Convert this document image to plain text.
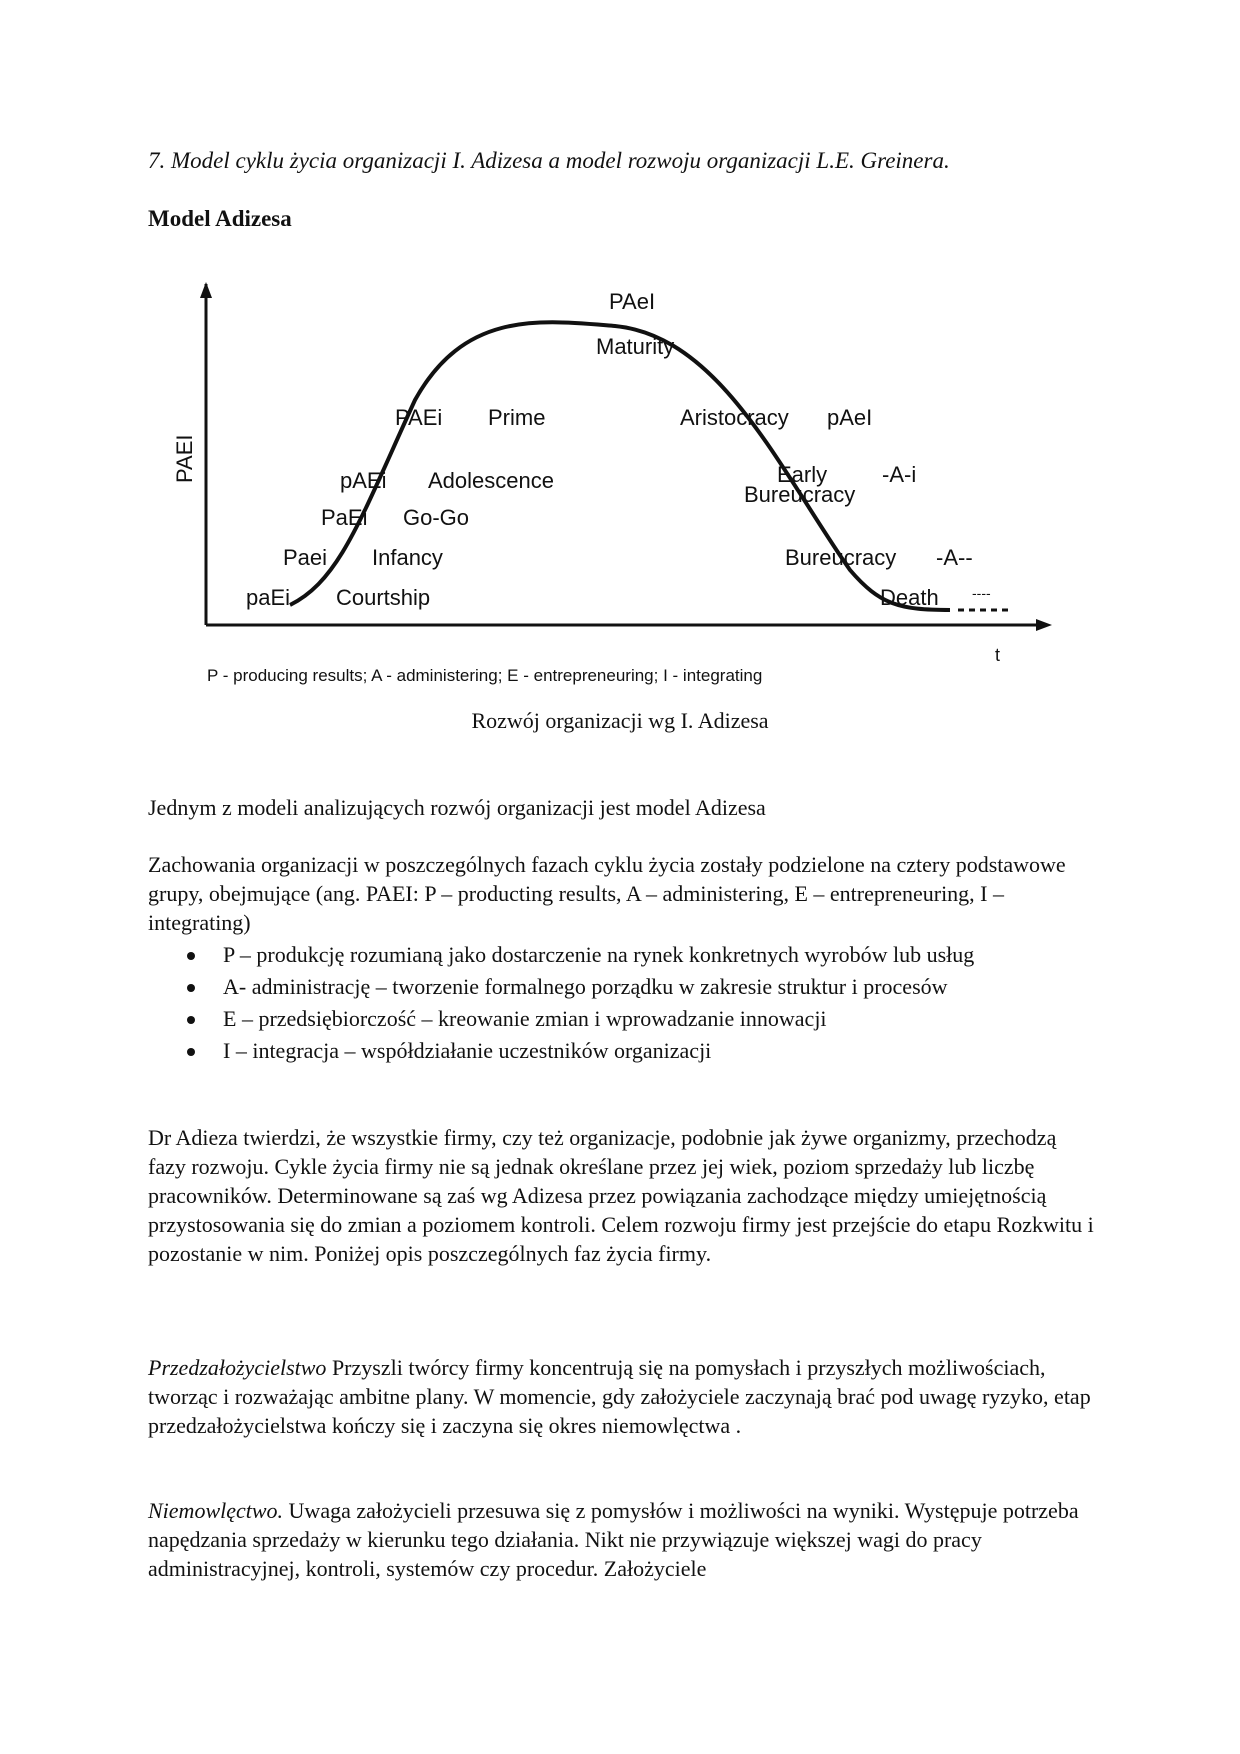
7. Model cyklu życia organizacji I. Adizesa a model rozwoju organizacji L.E. Greinera.
Model Adizesa
PAEI
t
paEi Courtship
Paei Infancy
PaEi Go-Go
pAEi Adolescence
PAEi Prime
PAeI
Maturity
Aristocracy pAeI
Early
Bureucracy
-A-i
Bureucracy -A--
Death ----
P - producing results; A - administering; E - entrepreneuring; I - integrating

Rozwój organizacji wg I. Adizesa

Jednym z modeli analizujących rozwój organizacji jest model Adizesa

Zachowania organizacji w poszczególnych fazach cyklu życia zostały podzielone na cztery podstawowe grupy, obejmujące (ang. PAEI: P – producting results, A – administering, E – entrepreneuring, I – integrating)

P – produkcję rozumianą jako dostarczenie na rynek konkretnych wyrobów lub usług
A- administrację – tworzenie formalnego porządku w zakresie struktur i procesów
E – przedsiębiorczość – kreowanie zmian i wprowadzanie innowacji
I – integracja – współdziałanie uczestników organizacji

Dr Adieza twierdzi, że wszystkie firmy, czy też organizacje, podobnie jak żywe organizmy, przechodzą fazy rozwoju. Cykle życia firmy nie są jednak określane przez jej wiek, poziom sprzedaży lub liczbę pracowników. Determinowane są zaś wg Adizesa przez powiązania zachodzące między umiejętnością przystosowania się do zmian a poziomem kontroli. Celem rozwoju firmy jest przejście do etapu Rozkwitu i pozostanie w nim. Poniżej opis poszczególnych faz życia firmy.

Przedzałożycielstwo Przyszli twórcy firmy koncentrują się na pomysłach i przyszłych możliwościach, tworząc i rozważając ambitne plany. W momencie, gdy założyciele zaczynają brać pod uwagę ryzyko, etap przedzałożycielstwa kończy się i zaczyna się okres niemowlęctwa .

Niemowlęctwo. Uwaga założycieli przesuwa się z pomysłów i możliwości na wyniki. Występuje potrzeba napędzania sprzedaży w kierunku tego działania. Nikt nie przywiązuje większej wagi do pracy administracyjnej, kontroli, systemów czy procedur. Założyciele
